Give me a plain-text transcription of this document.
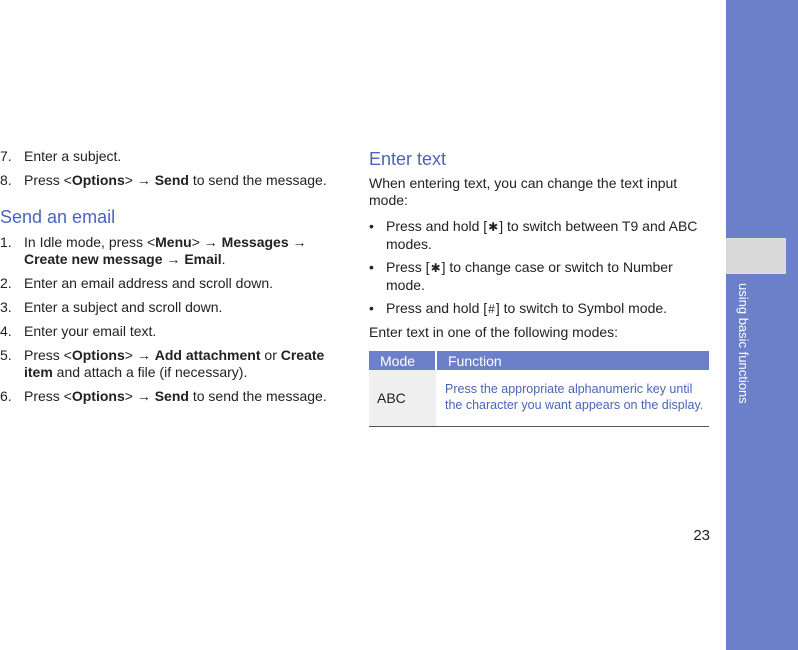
using basic functions
23
7. Enter a subject.
8. Press <Options> → Send to send the message.
Send an email
1. In Idle mode, press <Menu> → Messages → Create new message → Email.
2. Enter an email address and scroll down.
3. Enter a subject and scroll down.
4. Enter your email text.
5. Press <Options> → Add attachment or Create item and attach a file (if necessary).
6. Press <Options> → Send to send the message.
Enter text

When entering text, you can change the text input mode:

• Press and hold [✱] to switch between T9 and ABC modes.
• Press [✱] to change case or switch to Number mode.
• Press and hold [#] to switch to Symbol mode.

Enter text in one of the following modes:

Mode	Function
ABC	Press the appropriate alphanumeric key until the character you want appears on the display.
